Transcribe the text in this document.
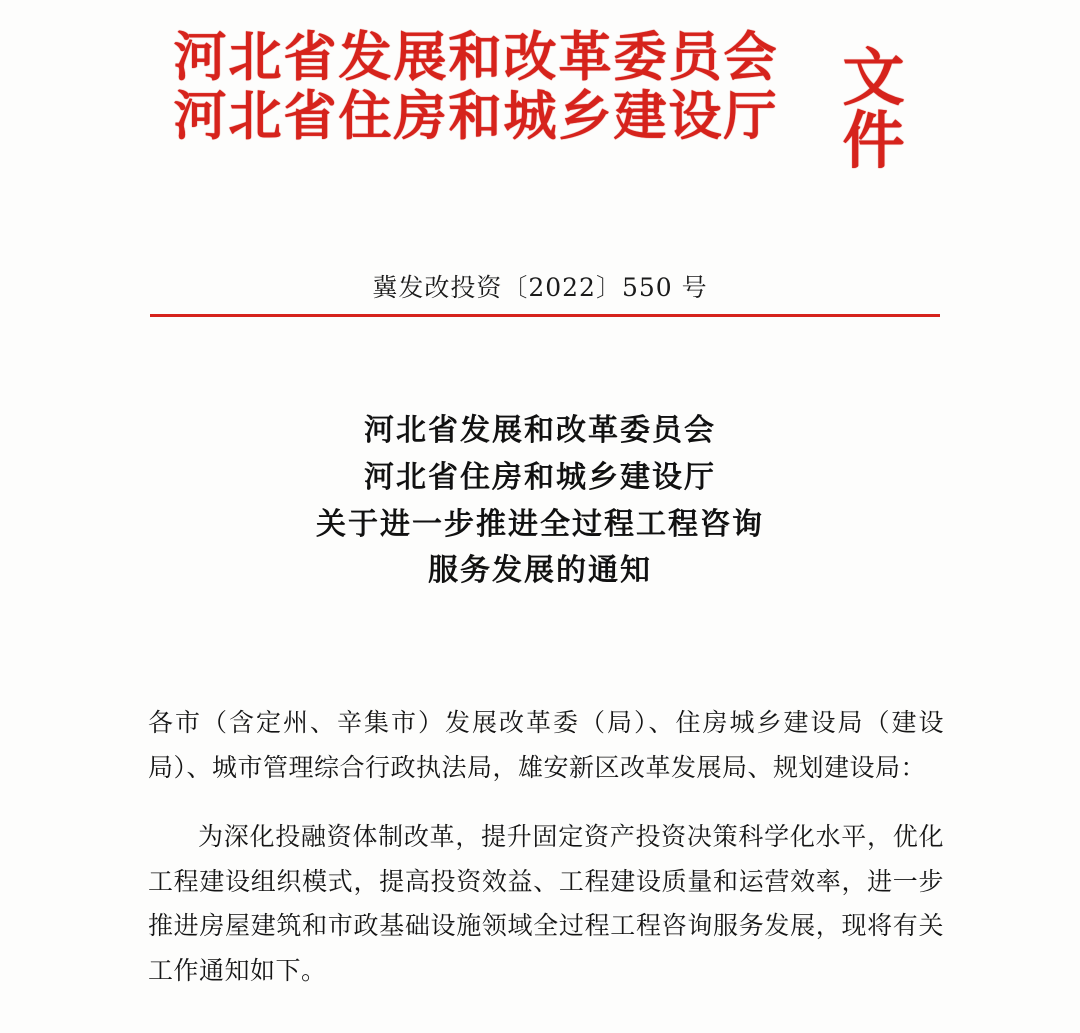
河北省发展和改革委员会
河北省住房和城乡建设厅
文
件
冀发改投资〔2022〕550 号
河北省发展和改革委员会
河北省住房和城乡建设厅
关于进一步推进全过程工程咨询
服务发展的通知

各市（含定州、辛集市）发展改革委（局）、住房城乡建设局（建设局）、城市管理综合行政执法局，雄安新区改革发展局、规划建设局：

为深化投融资体制改革，提升固定资产投资决策科学化水平，优化工程建设组织模式，提高投资效益、工程建设质量和运营效率，进一步推进房屋建筑和市政基础设施领域全过程工程咨询服务发展，现将有关工作通知如下。
